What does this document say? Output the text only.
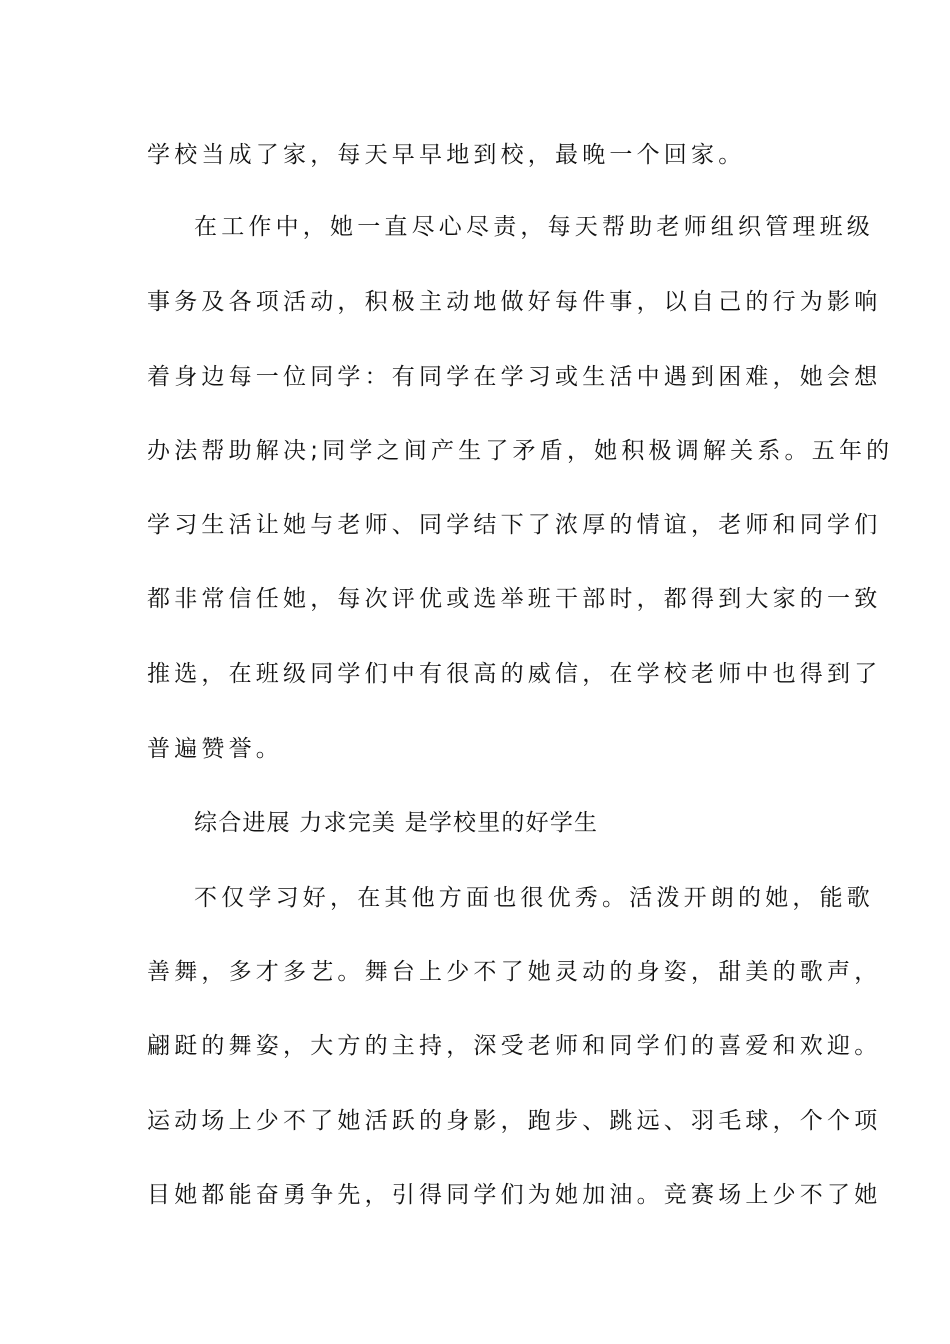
学校当成了家，每天早早地到校，最晚一个回家。
在工作中，她一直尽心尽责，每天帮助老师组织管理班级
事务及各项活动，积极主动地做好每件事，以自己的行为影响
着身边每一位同学：有同学在学习或生活中遇到困难，她会想
办法帮助解决;同学之间产生了矛盾，她积极调解关系。五年的
学习生活让她与老师、同学结下了浓厚的情谊，老师和同学们
都非常信任她，每次评优或选举班干部时，都得到大家的一致
推选，在班级同学们中有很高的威信，在学校老师中也得到了
普遍赞誉。
综合进展 力求完美 是学校里的好学生
不仅学习好，在其他方面也很优秀。活泼开朗的她，能歌
善舞，多才多艺。舞台上少不了她灵动的身姿，甜美的歌声，
翩跹的舞姿，大方的主持，深受老师和同学们的喜爱和欢迎。
运动场上少不了她活跃的身影，跑步、跳远、羽毛球，个个项
目她都能奋勇争先，引得同学们为她加油。竞赛场上少不了她
